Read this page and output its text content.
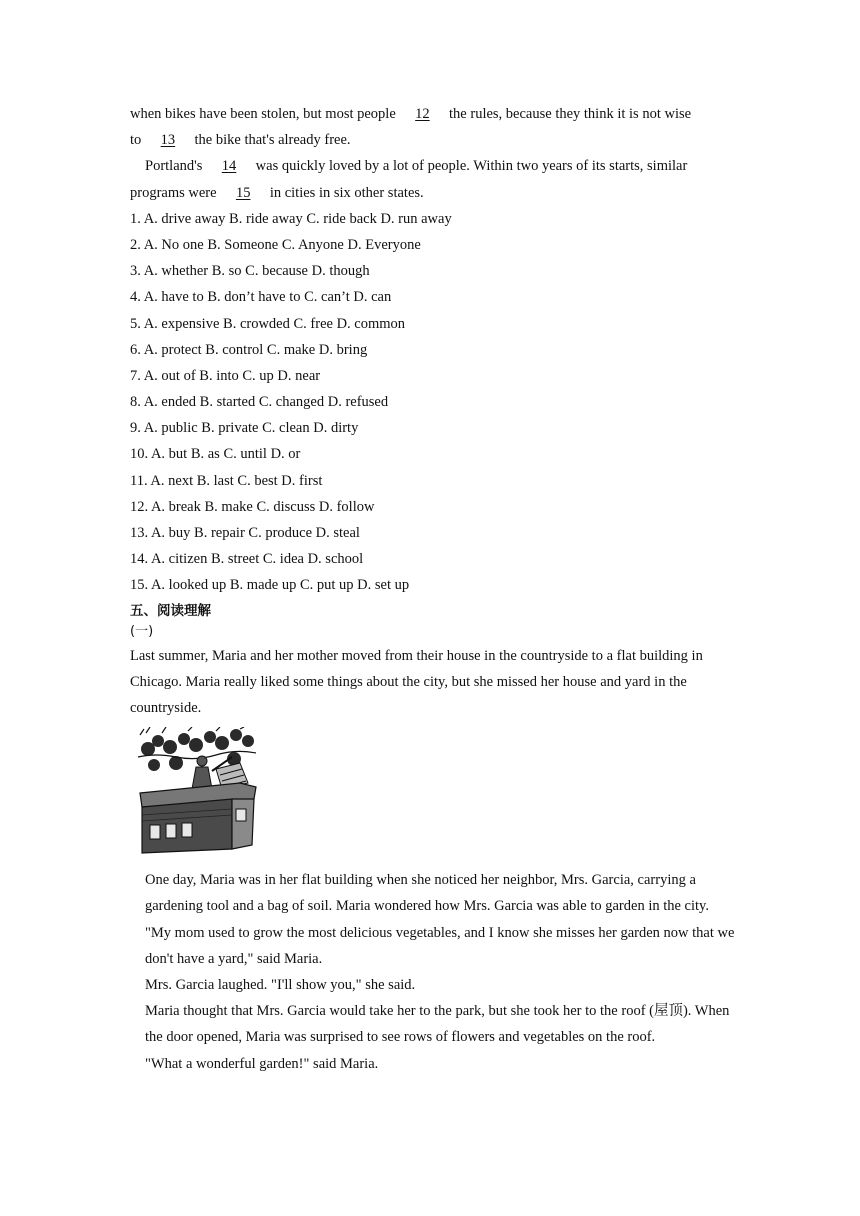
when bikes have been stolen, but most people 12 the rules, because they think it is not wise
to 13 the bike that's already free.
Portland's 14 was quickly loved by a lot of people. Within two years of its starts, similar
programs were 15 in cities in six other states.
1. A. drive away B. ride away C. ride back D. run away
2. A. No one B. Someone C. Anyone D. Everyone
3. A. whether B. so C. because D. though
4. A. have to B. don’t have to C. can’t D. can
5. A. expensive B. crowded C. free D. common
6. A. protect B. control C. make D. bring
7. A. out of B. into C. up D. near
8. A. ended B. started C. changed D. refused
9. A. public B. private C. clean D. dirty
10. A. but B. as C. until D. or
11. A. next B. last C. best D. first
12. A. break B. make C. discuss D. follow
13. A. buy B. repair C. produce D. steal
14. A. citizen B. street C. idea D. school
15. A. looked up B. made up C. put up D. set up
五、阅读理解
(一)
Last summer, Maria and her mother moved from their house in the countryside to a flat building in Chicago. Maria really liked some things about the city, but she missed her house and yard in the countryside.
One day, Maria was in her flat building when she noticed her neighbor, Mrs. Garcia, carrying a gardening tool and a bag of soil. Maria wondered how Mrs. Garcia was able to garden in the city.
"My mom used to grow the most delicious vegetables, and I know she misses her garden now that we don't have a yard," said Maria.
Mrs. Garcia laughed. "I'll show you," she said.
Maria thought that Mrs. Garcia would take her to the park, but she took her to the roof (屋顶). When the door opened, Maria was surprised to see rows of flowers and vegetables on the roof.
"What a wonderful garden!" said Maria.
